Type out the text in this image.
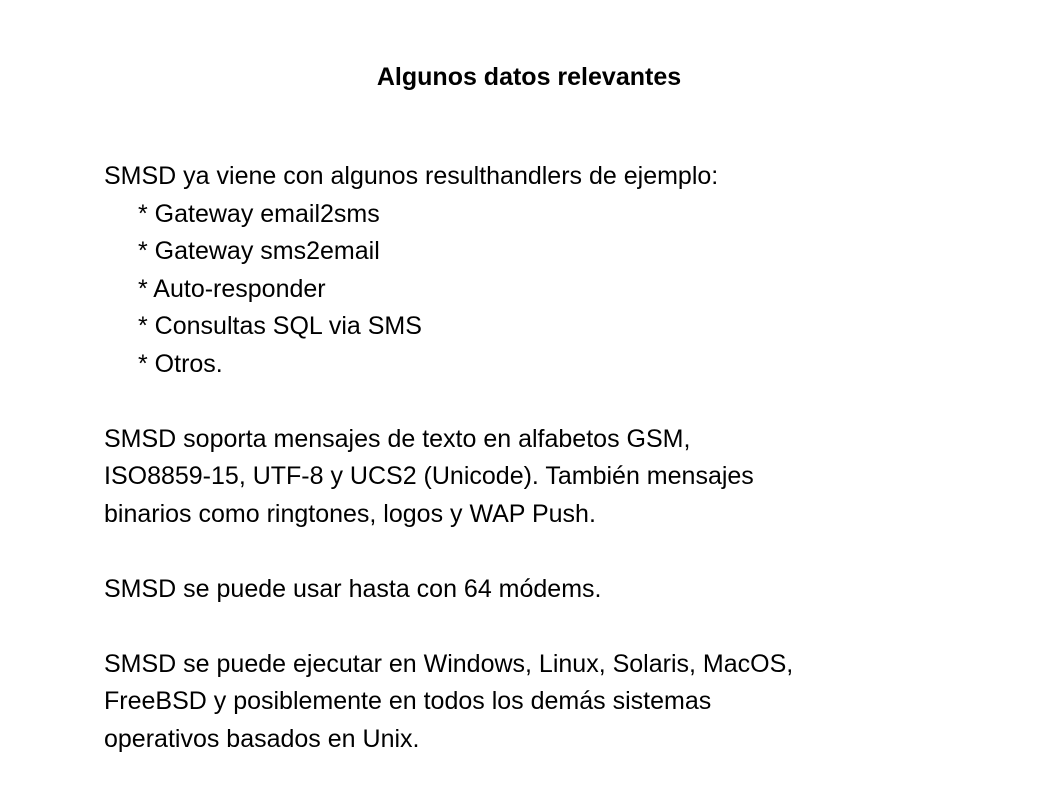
Algunos datos relevantes
SMSD ya viene con algunos resulthandlers de ejemplo:
* Gateway email2sms
* Gateway sms2email
* Auto-responder
* Consultas SQL via SMS
* Otros.
SMSD soporta mensajes de texto en alfabetos GSM,
ISO8859-15, UTF-8 y UCS2 (Unicode). También mensajes
binarios como ringtones, logos y WAP Push.
SMSD se puede usar hasta con 64 módems.
SMSD se puede ejecutar en Windows, Linux, Solaris, MacOS,
FreeBSD y posiblemente en todos los demás sistemas
operativos basados en Unix.
